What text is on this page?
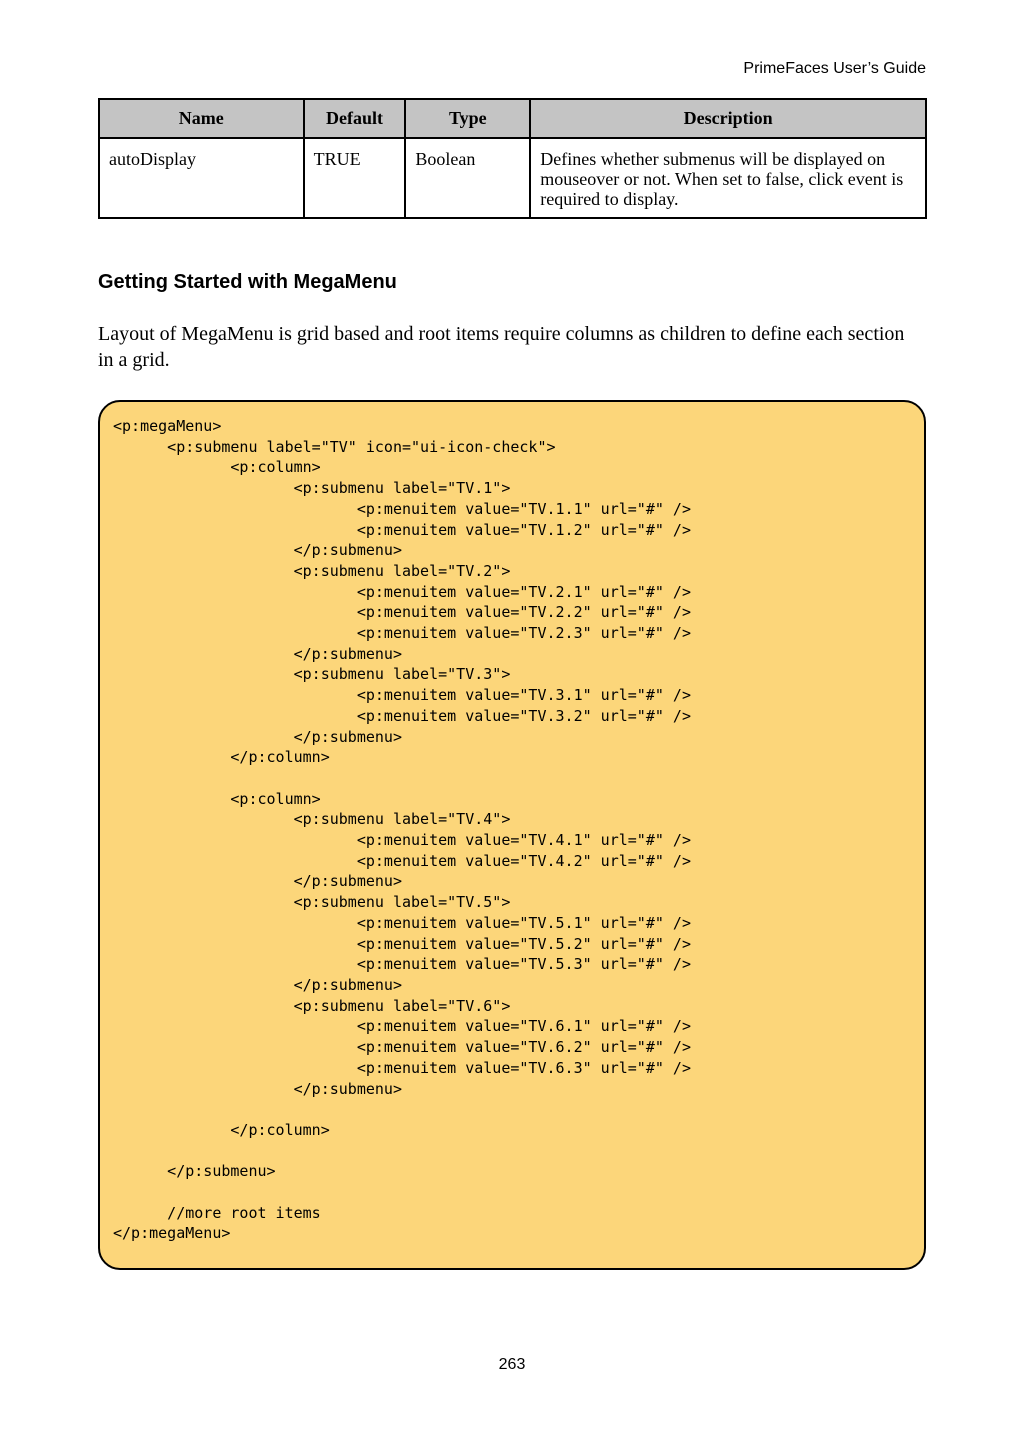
PrimeFaces User’s Guide
Name	Default	Type	Description
autoDisplay	TRUE	Boolean	Defines whether submenus will be displayed on mouseover or not. When set to false, click event is required to display.
Getting Started with MegaMenu
Layout of MegaMenu is grid based and root items require columns as children to define each section in a grid.
<p:megaMenu>
<p:submenu label="TV" icon="ui-icon-check">
<p:column>
<p:submenu label="TV.1">
<p:menuitem value="TV.1.1" url="#" />
<p:menuitem value="TV.1.2" url="#" />
</p:submenu>
<p:submenu label="TV.2">
<p:menuitem value="TV.2.1" url="#" />
<p:menuitem value="TV.2.2" url="#" />
<p:menuitem value="TV.2.3" url="#" />
</p:submenu>
<p:submenu label="TV.3">
<p:menuitem value="TV.3.1" url="#" />
<p:menuitem value="TV.3.2" url="#" />
</p:submenu>
</p:column>

<p:column>
<p:submenu label="TV.4">
<p:menuitem value="TV.4.1" url="#" />
<p:menuitem value="TV.4.2" url="#" />
</p:submenu>
<p:submenu label="TV.5">
<p:menuitem value="TV.5.1" url="#" />
<p:menuitem value="TV.5.2" url="#" />
<p:menuitem value="TV.5.3" url="#" />
</p:submenu>
<p:submenu label="TV.6">
<p:menuitem value="TV.6.1" url="#" />
<p:menuitem value="TV.6.2" url="#" />
<p:menuitem value="TV.6.3" url="#" />
</p:submenu>

</p:column>

</p:submenu>

//more root items
</p:megaMenu>
263
